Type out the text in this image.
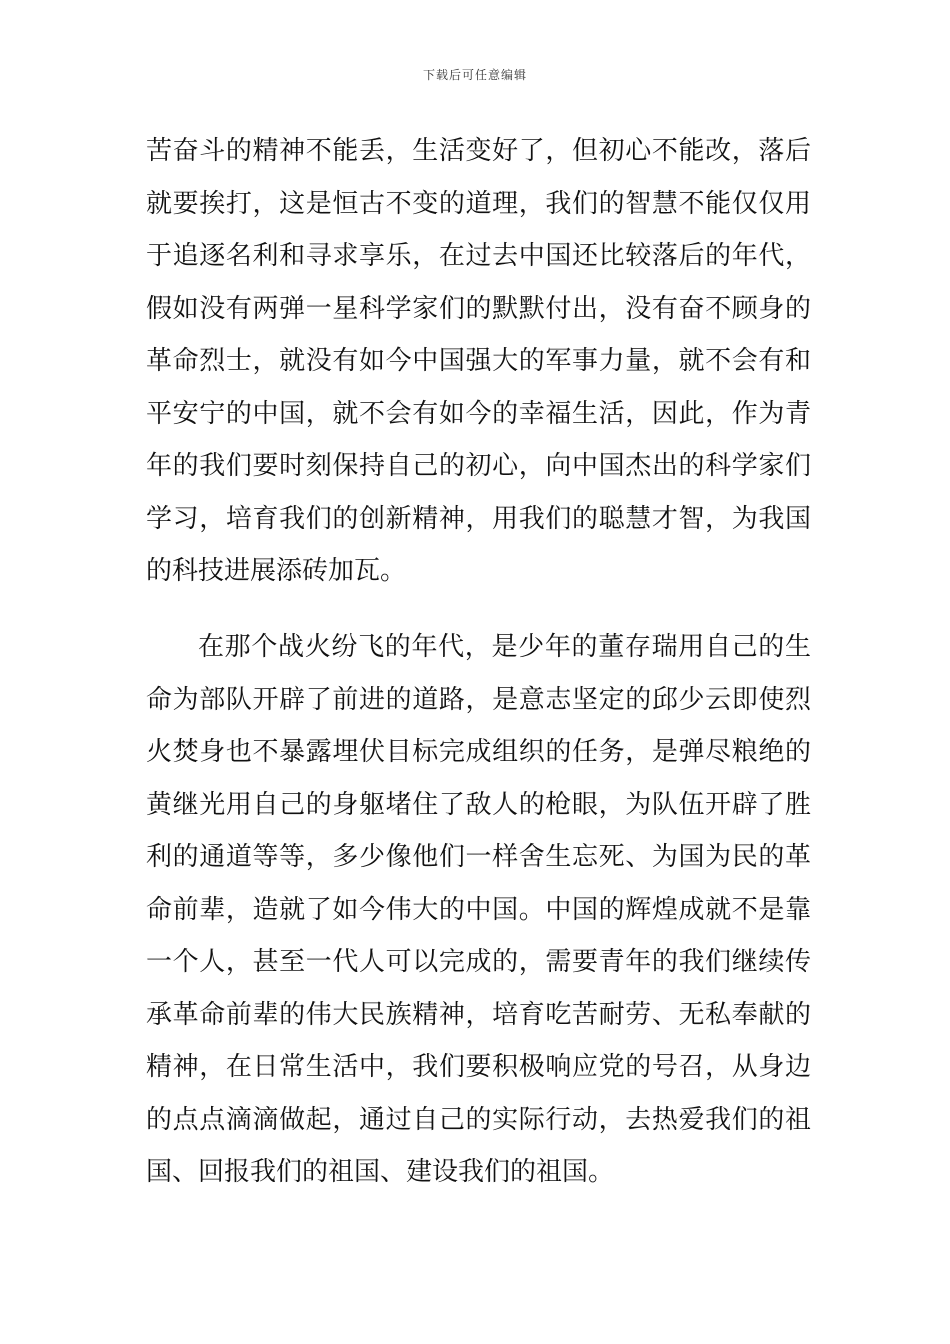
下载后可任意编辑

苦奋斗的精神不能丢，生活变好了，但初心不能改，落后
就要挨打，这是恒古不变的道理，我们的智慧不能仅仅用
于追逐名利和寻求享乐，在过去中国还比较落后的年代，
假如没有两弹一星科学家们的默默付出，没有奋不顾身的
革命烈士，就没有如今中国强大的军事力量，就不会有和
平安宁的中国，就不会有如今的幸福生活，因此，作为青
年的我们要时刻保持自己的初心，向中国杰出的科学家们
学习，培育我们的创新精神，用我们的聪慧才智，为我国
的科技进展添砖加瓦。

在那个战火纷飞的年代，是少年的董存瑞用自己的生
命为部队开辟了前进的道路，是意志坚定的邱少云即使烈
火焚身也不暴露埋伏目标完成组织的任务，是弹尽粮绝的
黄继光用自己的身躯堵住了敌人的枪眼，为队伍开辟了胜
利的通道等等，多少像他们一样舍生忘死、为国为民的革
命前辈，造就了如今伟大的中国。中国的辉煌成就不是靠
一个人，甚至一代人可以完成的，需要青年的我们继续传
承革命前辈的伟大民族精神，培育吃苦耐劳、无私奉献的
精神，在日常生活中，我们要积极响应党的号召，从身边
的点点滴滴做起，通过自己的实际行动，去热爱我们的祖
国、回报我们的祖国、建设我们的祖国。
